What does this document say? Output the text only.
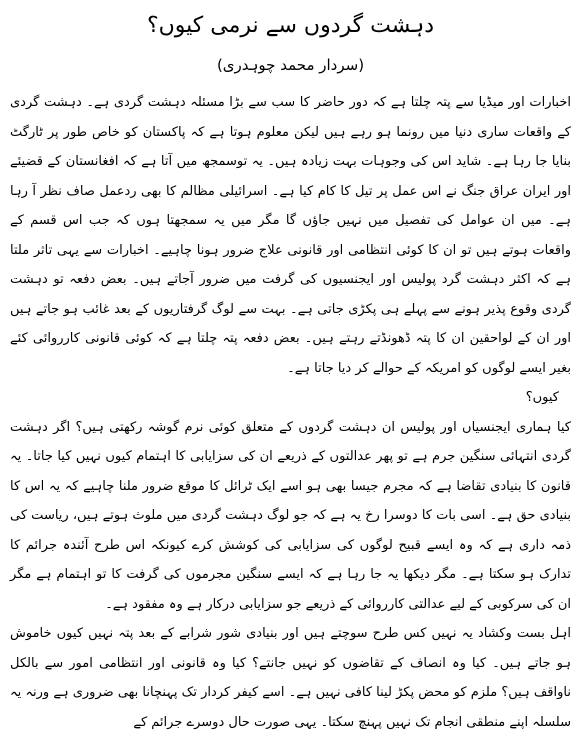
دہشت گردوں سے نرمی کیوں؟
(سردار محمد چوہدری)

اخبارات اور میڈیا سے پتہ چلتا ہے کہ دور حاضر کا سب سے بڑا مسئلہ دہشت گردی ہے۔ دہشت گردی کے واقعات ساری دنیا میں رونما ہو رہے ہیں لیکن معلوم ہوتا ہے کہ پاکستان کو خاص طور پر ٹارگٹ بنایا جا رہا ہے۔ شاید اس کی وجوہات بہت زیادہ ہیں۔ یہ توسمجھ میں آتا ہے کہ افغانستان کے قضیئے اور ایران عراق جنگ نے اس عمل پر تیل کا کام کیا ہے۔ اسرائیلی مظالم کا بھی ردعمل صاف نظر آ رہا ہے۔ میں ان عوامل کی تفصیل میں نہیں جاؤں گا مگر میں یہ سمجھتا ہوں کہ جب اس قسم کے واقعات ہوتے ہیں تو ان کا کوئی انتظامی اور قانونی علاج ضرور ہونا چاہیے۔ اخبارات سے یہی تاثر ملتا ہے کہ اکثر دہشت گرد پولیس اور ایجنسیوں کی گرفت میں ضرور آجاتے ہیں۔ بعض دفعہ تو دہشت گردی وقوع پذیر ہونے سے پہلے ہی پکڑی جاتی ہے۔ بہت سے لوگ گرفتاریوں کے بعد غائب ہو جاتے ہیں اور ان کے لواحقین ان کا پتہ ڈھونڈتے رہتے ہیں۔ بعض دفعہ پتہ چلتا ہے کہ کوئی قانونی کارروائی کئے بغیر ایسے لوگوں کو امریکہ کے حوالے کر دیا جاتا ہے۔

کیوں؟

کیا ہماری ایجنسیاں اور پولیس ان دہشت گردوں کے متعلق کوئی نرم گوشہ رکھتی ہیں؟ اگر دہشت گردی انتہائی سنگین جرم ہے تو پھر عدالتوں کے ذریعے ان کی سزایابی کا اہتمام کیوں نہیں کیا جاتا۔ یہ قانون کا بنیادی تقاضا ہے کہ مجرم جیسا بھی ہو اسے ایک ٹرائل کا موقع ضرور ملنا چاہیے کہ یہ اس کا بنیادی حق ہے۔ اسی بات کا دوسرا رخ یہ ہے کہ جو لوگ دہشت گردی میں ملوث ہوتے ہیں، ریاست کی ذمہ داری ہے کہ وہ ایسے قبیح لوگوں کی سزایابی کی کوشش کرے کیونکہ اس طرح آئندہ جرائم کا تدارک ہو سکتا ہے۔ مگر دیکھا یہ جا رہا ہے کہ ایسے سنگین مجرموں کی گرفت کا تو اہتمام ہے مگر ان کی سرکوبی کے لیے عدالتی کارروائی کے ذریعے جو سزایابی درکار ہے وہ مفقود ہے۔

اہل بست وکشاد یہ نہیں کس طرح سوچتے ہیں اور بنیادی شور شرابے کے بعد پتہ نہیں کیوں خاموش ہو جاتے ہیں۔ کیا وہ انصاف کے تقاضوں کو نہیں جانتے؟ کیا وہ قانونی اور انتظامی امور سے بالکل ناواقف ہیں؟ ملزم کو محض پکڑ لینا کافی نہیں ہے۔ اسے کیفر کردار تک پہنچانا بھی ضروری ہے ورنہ یہ سلسلہ اپنے منطقی انجام تک نہیں پہنچ سکتا۔ یہی صورت حال دوسرے جرائم کے
